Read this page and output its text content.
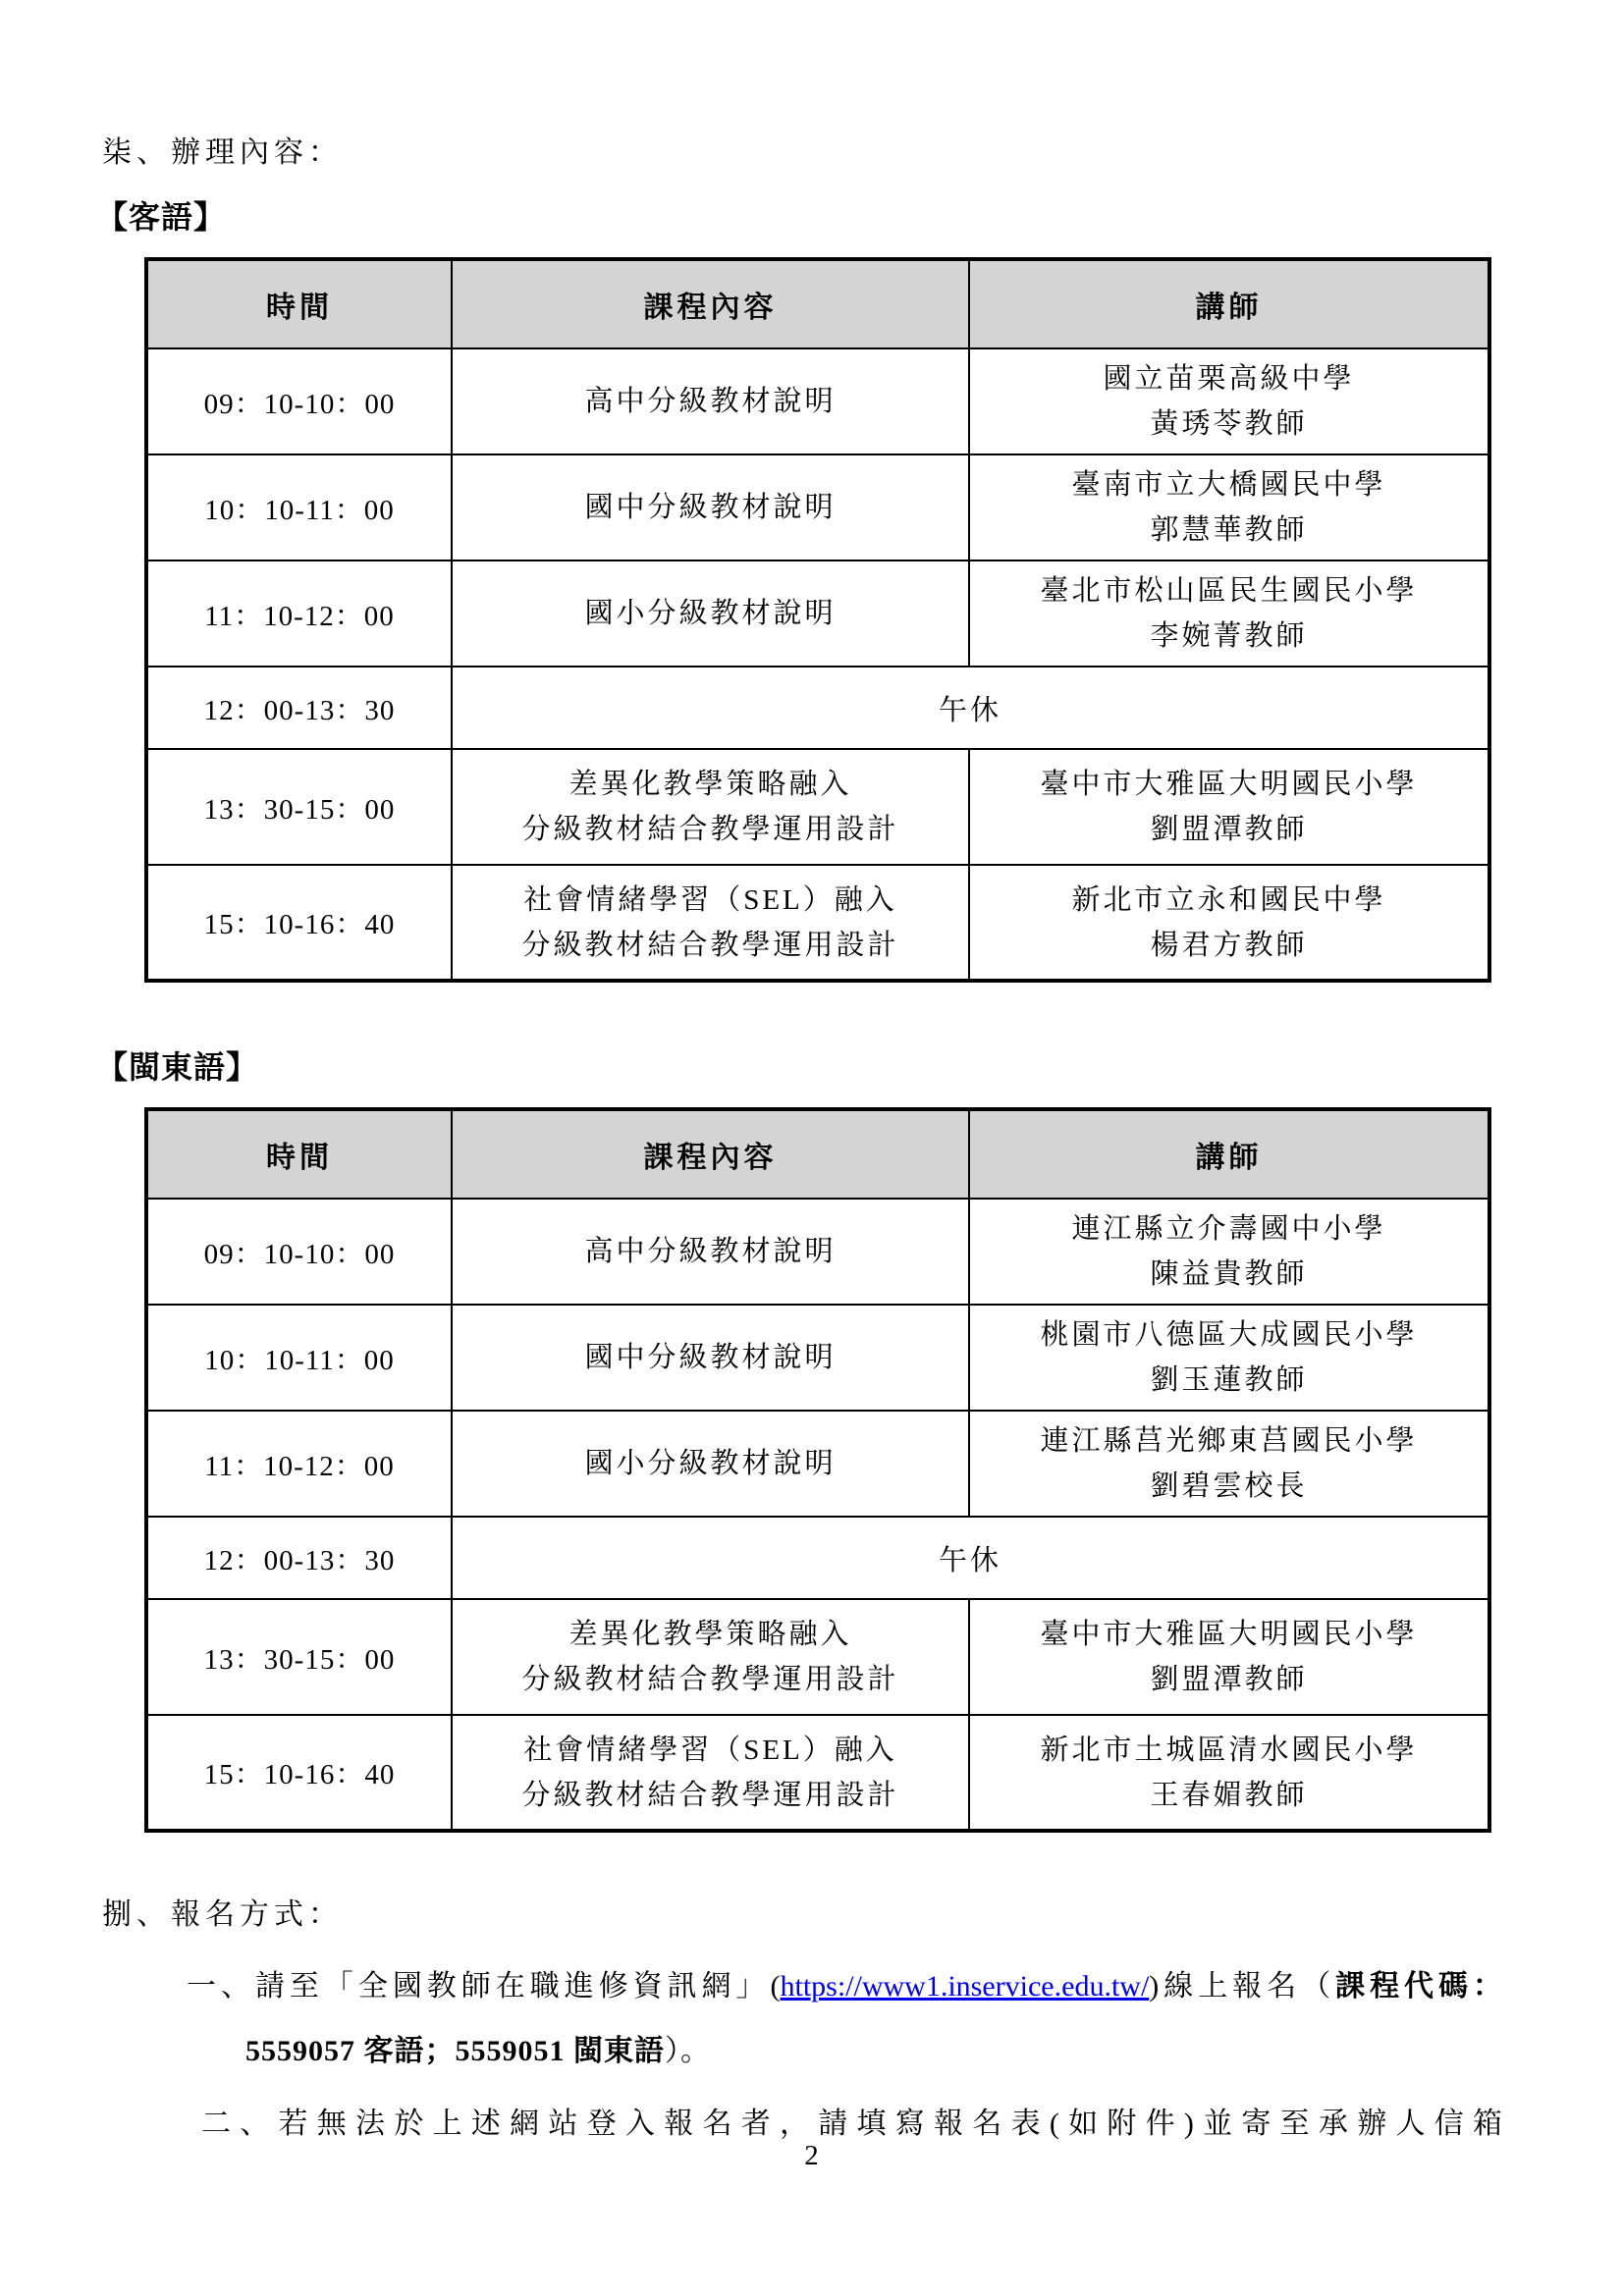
柒、辦理內容：
【客語】
時間	課程內容	講師
09：10-10：00	高中分級教材說明	國立苗栗高級中學
黃琇苓教師

10：10-11：00	國中分級教材說明	臺南市立大橋國民中學
郭慧華教師

11：10-12：00	國小分級教材說明	臺北市松山區民生國民小學
李婉菁教師

12：00-13：30	午休	
13：30-15：00	差異化教學策略融入
分級教材結合教學運用設計	臺中市大雅區大明國民小學
劉盟潭教師

15：10-16：40	社會情緒學習（SEL）融入
分級教材結合教學運用設計	新北市立永和國民中學
楊君方教師
【閩東語】
時間	課程內容	講師
09：10-10：00	高中分級教材說明	連江縣立介壽國中小學
陳益貴教師

10：10-11：00	國中分級教材說明	桃園市八德區大成國民小學
劉玉蓮教師

11：10-12：00	國小分級教材說明	連江縣莒光鄉東莒國民小學
劉碧雲校長

12：00-13：30	午休	
13：30-15：00	差異化教學策略融入
分級教材結合教學運用設計	臺中市大雅區大明國民小學
劉盟潭教師

15：10-16：40	社會情緒學習（SEL）融入
分級教材結合教學運用設計	新北市土城區清水國民小學
王春媚教師
捌、報名方式：
一、請至「全國教師在職進修資訊網」(https://www1.inservice.edu.tw/)線上報名（課程代碼：
5559057 客語；5559051 閩東語）。
二、若無法於上述網站登入報名者，請填寫報名表(如附件)並寄至承辦人信箱
2
